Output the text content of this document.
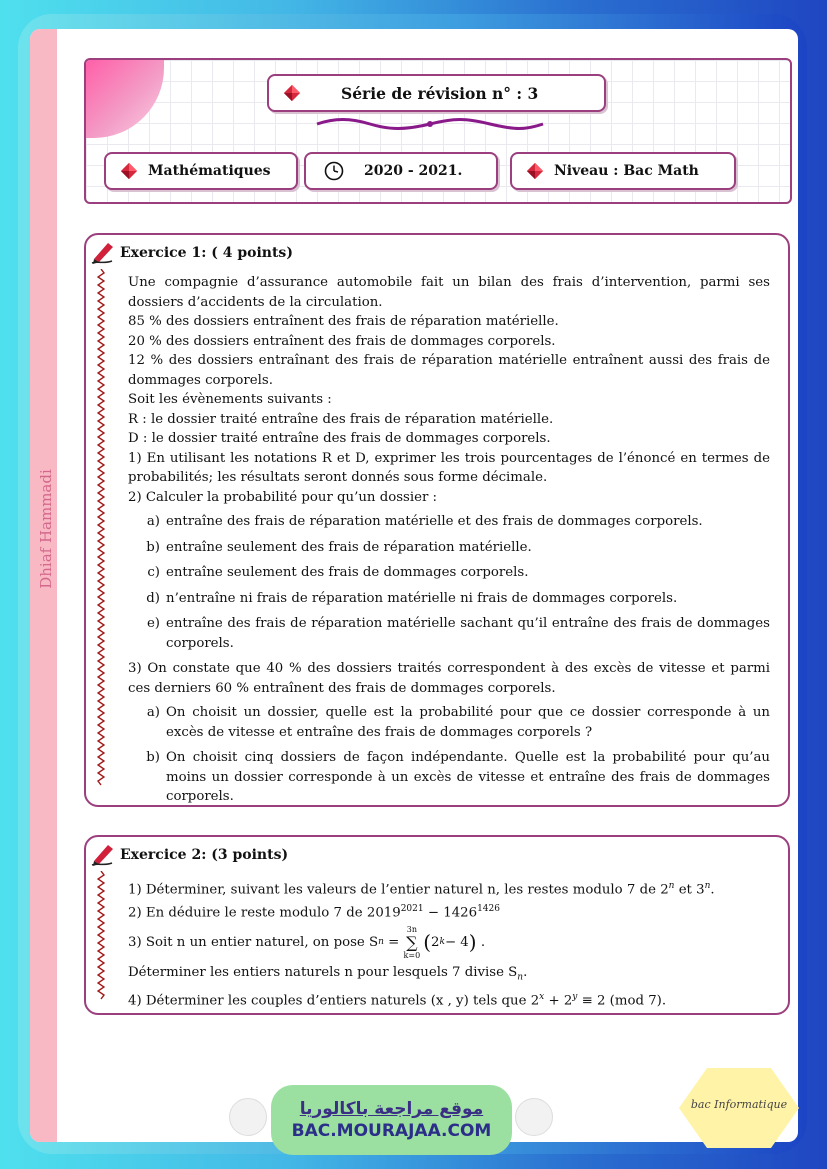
Dhiaf Hammadi
Série de révision n° : 3
Mathématiques	2020 - 2021.	Niveau : Bac Math
Exercice 1: ( 4 points)

Une compagnie d’assurance automobile fait un bilan des frais d’intervention, parmi ses dossiers d’accidents de la circulation.

85 % des dossiers entraînent des frais de réparation matérielle.

20 % des dossiers entraînent des frais de dommages corporels.

12 % des dossiers entraînant des frais de réparation matérielle entraînent aussi des frais de dommages corporels.

Soit les évènements suivants :

R : le dossier traité entraîne des frais de réparation matérielle.

D : le dossier traité entraîne des frais de dommages corporels.

1) En utilisant les notations R et D, exprimer les trois pourcentages de l’énoncé en termes de probabilités; les résultats seront donnés sous forme décimale.

2) Calculer la probabilité pour qu’un dossier :

a) entraîne des frais de réparation matérielle et des frais de dommages corporels.
b) entraîne seulement des frais de réparation matérielle.
c) entraîne seulement des frais de dommages corporels.
d) n’entraîne ni frais de réparation matérielle ni frais de dommages corporels.
e) entraîne des frais de réparation matérielle sachant qu’il entraîne des frais de dommages corporels.

3) On constate que 40 % des dossiers traités correspondent à des excès de vitesse et parmi ces derniers 60 % entraînent des frais de dommages corporels.

a) On choisit un dossier, quelle est la probabilité pour que ce dossier corresponde à un excès de vitesse et entraîne des frais de dommages corporels ?
b) On choisit cinq dossiers de façon indépendante. Quelle est la probabilité pour qu’au moins un dossier corresponde à un excès de vitesse et entraîne des frais de dommages corporels.
Exercice 2: (3 points)

1) Déterminer, suivant les valeurs de l’entier naturel n, les restes modulo 7 de 2$^n$ et 3$^n$.

2) En déduire le reste modulo 7 de $2019^{2021} - 1426^{1426}$

3) Soit n un entier naturel, on pose
S n
=

3n
∑
k=0
( 2 k − 4 )
.

Déterminer les entiers naturels n pour lesquels 7 divise $S_n$.

4) Déterminer les couples d’entiers naturels (x , y) tels que $2^x + 2^y \equiv 2$ (mod 7).

موقع مراجعة باكالوريا
BAC.MOURAJAA.COM
bac Informatique
